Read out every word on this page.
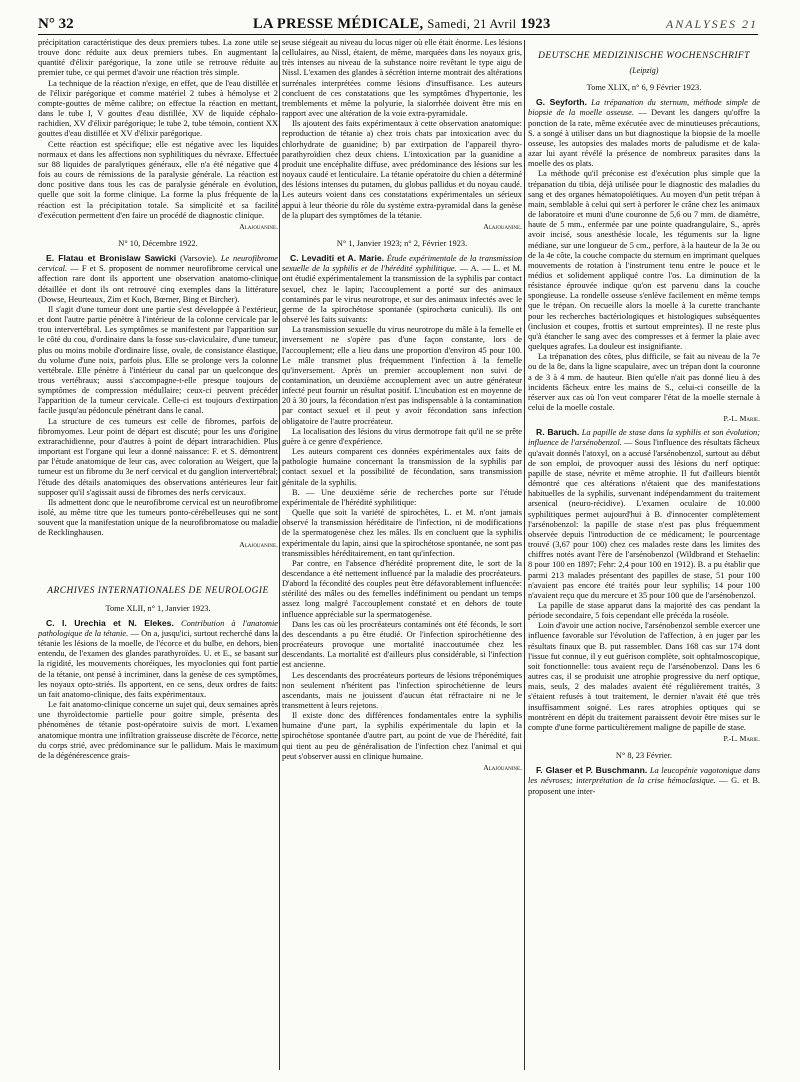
N° 32	LA PRESSE MÉDICALE, Samedi, 21 Avril 1923	ANALYSES 21

précipitation caractéristique des deux premiers tubes. La zone utile se trouve donc réduite aux deux premiers tubes. En augmentant la quantité d'élixir parégorique, la zone utile se retrouve réduite au premier tube, ce qui permet d'avoir une réaction très simple.

La technique de la réaction n'exige, en effet, que de l'eau distillée et de l'élixir parégorique et comme matériel 2 tubes à hémolyse et 2 compte-gouttes de même calibre; on effectue la réaction en mettant, dans le tube I, V gouttes d'eau distillée, XV de liquide céphalo-rachidien, XV d'élixir parégorique; le tube 2, tube témoin, contient XX gouttes d'eau distillée et XV d'élixir parégorique.

Cette réaction est spécifique; elle est négative avec les liquides normaux et dans les affections non syphilitiques du névraxe. Effectuée sur 88 liquides de paralytiques généraux, elle n'a été négative que 4 fois au cours de rémissions de la paralysie générale. La réaction est donc positive dans tous les cas de paralysie générale en évolution, quelle que soit la forme clinique. La forme la plus fréquente de la réaction est la précipitation totale. Sa simplicité et sa facilité d'exécution permettent d'en faire un procédé de diagnostic clinique.

Alajouanine.
N° 10, Décembre 1922.

E. Flatau et Bronislaw Sawicki (Varsovie). Le neurofibrome cervical. — F et S. proposent de nommer neurofibrome cervical une affection rare dont ils apportent une observation anatomo-clinique détaillée et dont ils ont retrouvé cinq exemples dans la littérature (Dowse, Heurteaux, Zim et Koch, Bœrner, Bing et Bircher).

Il s'agit d'une tumeur dont une partie s'est développée à l'extérieur, et dont l'autre partie pénètre à l'intérieur de la colonne cervicale par le trou intervertébral. Les symptômes se manifestent par l'apparition sur le côté du cou, d'ordinaire dans la fosse sus-claviculaire, d'une tumeur, plus ou moins mobile d'ordinaire lisse, ovale, de consistance élastique, du volume d'une noix, parfois plus. Elle se prolonge vers la colonne vertébrale. Elle pénètre à l'intérieur du canal par un quelconque des trous vertébraux; aussi s'accompagne-t-elle presque toujours de symptômes de compression médullaire; ceux-ci peuvent précéder l'apparition de la tumeur cervicale. Celle-ci est toujours d'extirpation facile jusqu'au pédoncule pénétrant dans le canal.

La structure de ces tumeurs est celle de fibromes, parfois de fibromyomes. Leur point de départ est discuté; pour les uns d'origine extrarachidienne, pour d'autres à point de départ intrarachidien. Plus important est l'organe qui leur a donné naissance: F. et S. démontrent par l'étude anatomique de leur cas, avec coloration au Weigert, que la tumeur est un fibrome du 3e nerf cervical et du ganglion intervertébral; l'étude des détails anatomiques des observations antérieures leur fait supposer qu'il s'agissait aussi de fibromes des nerfs cervicaux.

Ils admettent donc que le neurofibrome cervical est un neurofibrome isolé, au même titre que les tumeurs ponto-cérébelleuses qui ne sont souvent que la manifestation unique de la neurofibromatose ou maladie de Recklinghausen.

Alajouanine.
ARCHIVES INTERNATIONALES DE NEUROLOGIE
Tome XLII, n° 1, Janvier 1923.

C. I. Urechia et N. Elekes. Contribution à l'anatomie pathologique de la tétanie. — On a, jusqu'ici, surtout recherché dans la tétanie les lésions de la moelle, de l'écorce et du bulbe, en dehors, bien entendu, de l'examen des glandes parathyroïdes. U. et E., se basant sur la rigidité, les mouvements choréiques, les myoclonies qui font partie de la tétanie, ont pensé à incriminer, dans la genèse de ces symptômes, les noyaux opto-striés. Ils apportent, en ce sens, deux ordres de faits: un fait anatomo-clinique, des faits expérimentaux.

Le fait anatomo-clinique concerne un sujet qui, deux semaines après une thyroïdectomie partielle pour goitre simple, présenta des phénomènes de tétanie post-opératoire suivis de mort. L'examen anatomique montra une infiltration graisseuse discrète de l'écorce, nette du corps strié, avec prédominance sur le pallidum. Mais le maximum de la dégénérescence grais-

seuse siégeait au niveau du locus niger où elle était énorme. Les lésions cellulaires, au Nissl, étaient, de même, marquées dans les noyaux gris, très intenses au niveau de la substance noire revêtant le type aigu de Nissl. L'examen des glandes à sécrétion interne montrait des altérations surrénales interprétées comme lésions d'insuffisance. Les auteurs concluent de ces constatations que les symptômes d'hypertonie, les tremblements et même la polyurie, la sialorrhée doivent être mis en rapport avec une altération de la voie extra-pyramidale.

Ils ajoutent des faits expérimentaux à cette observation anatomique: reproduction de tétanie a) chez trois chats par intoxication avec du chlorhydrate de guanidine; b) par extirpation de l'appareil thyro-parathyroïdien chez deux chiens. L'intoxication par la guanidine a produit une encéphalite diffuse, avec prédominance des lésions sur les noyaux caudé et lenticulaire. La tétanie opératoire du chien a déterminé des lésions intenses du putamen, du globus pallidus et du noyau caudé. Les auteurs voient dans ces constatations expérimentales un sérieux appui à leur théorie du rôle du système extra-pyramidal dans la genèse de la plupart des symptômes de la tétanie.

Alajouanine.
N° 1, Janvier 1923; n° 2, Février 1923.

C. Levaditi et A. Marie. Étude expérimentale de la transmission sexuelle de la syphilis et de l'hérédité syphilitique. — A. — L. et M. ont étudié expérimentalement la transmission de la syphilis par contact sexuel, chez le lapin; l'accouplement a porté sur des animaux contaminés par le virus neurotrope, et sur des animaux infectés avec le germe de la spirochétose spontanée (spirochœta cuniculi). Ils ont observé les faits suivants:

La transmission sexuelle du virus neurotrope du mâle à la femelle et inversement ne s'opère pas d'une façon constante, lors de l'accouplement; elle a lieu dans une proportion d'environ 45 pour 100. Le mâle transmet plus fréquemment l'infection à la femelle qu'inversement. Après un premier accouplement non suivi de contamination, un deuxième accouplement avec un autre générateur infecté peut fournir un résultat positif. L'incubation est en moyenne de 20 à 30 jours, la fécondation n'est pas indispensable à la contamination par contact sexuel et il peut y avoir fécondation sans infection obligatoire de l'autre procréateur.

La localisation des lésions du virus dermotrope fait qu'il ne se prête guère à ce genre d'expérience.

Les auteurs comparent ces données expérimentales aux faits de pathologie humaine concernant la transmission de la syphilis par contact sexuel et la possibilité de fécondation, sans transmission génitale de la syphilis.

B. — Une deuxième série de recherches porte sur l'étude expérimentale de l'hérédité syphilitique:

Quelle que soit la variété de spirochètes, L. et M. n'ont jamais observé la transmission héréditaire de l'infection, ni de modifications de la spermatogenèse chez les mâles. Ils en concluent que la syphilis expérimentale du lapin, ainsi que la spirochétose spontanée, ne sont pas transmissibles héréditairement, en tant qu'infection.

Par contre, en l'absence d'hérédité proprement dite, le sort de la descendance a été nettement influencé par la maladie des procréateurs. D'abord la fécondité des couples peut être défavorablement influencée: stérilité des mâles ou des femelles indéfiniment ou pendant un temps assez long malgré l'accouplement constaté et en dehors de toute influence appréciable sur la spermatogenèse.

Dans les cas où les procréateurs contaminés ont été féconds, le sort des descendants a pu être étudié. Or l'infection spirochétienne des procréateurs provoque une mortalité inaccoutumée chez les descendants. La mortalité est d'ailleurs plus considérable, si l'infection est ancienne.

Les descendants des procréateurs porteurs de lésions tréponémiques non seulement n'héritent pas l'infection spirochétienne de leurs ascendants, mais ne jouissent d'aucun état réfractaire ni ne le transmettent à leurs rejetons.

Il existe donc des différences fondamentales entre la syphilis humaine d'une part, la syphilis expérimentale du lapin et la spirochétose spontanée d'autre part, au point de vue de l'hérédité, fait qui tient au peu de généralisation de l'infection chez l'animal et qui peut s'observer aussi en clinique humaine.

Alajouanine.
DEUTSCHE MEDIZINISCHE WOCHENSCHRIFT
(Leipzig)
Tome XLIX, n° 6, 9 Février 1923.

G. Seyforth. La trépanation du sternum, méthode simple de biopsie de la moelle osseuse. — Devant les dangers qu'offre la ponction de la rate, même exécutée avec de minutieuses précautions, S. a songé à utiliser dans un but diagnostique la biopsie de la moelle osseuse, les autopsies des malades morts de paludisme et de kala-azar lui ayant révélé la présence de nombreux parasites dans la moelle des os plats.

La méthode qu'il préconise est d'exécution plus simple que la trépanation du tibia, déjà utilisée pour le diagnostic des maladies du sang et des organes hématopoïétiques. Au moyen d'un petit trépan à main, semblable à celui qui sert à perforer le crâne chez les animaux de laboratoire et muni d'une couronne de 5,6 ou 7 mm. de diamètre, haute de 5 mm., enfermée par une pointe quadrangulaire, S., après avoir incisé, sous anesthésie locale, les téguments sur la ligne médiane, sur une longueur de 5 cm., perfore, à la hauteur de la 3e ou de la 4e côte, la couche compacte du sternum en imprimant quelques mouvements de rotation à l'instrument tenu entre le pouce et le médius et solidement appliqué contre l'os. La diminution de la résistance éprouvée indique qu'on est parvenu dans la couche spongieuse. La rondelle osseuse s'enlève facilement en même temps que le trépan. On recueille alors la moelle à la curette tranchante pour les recherches bactériologiques et histologiques subséquentes (inclusion et coupes, frottis et surtout empreintes). Il ne reste plus qu'à étancher le sang avec des compresses et à fermer la plaie avec quelques agrafes. La douleur est insignifiante.

La trépanation des côtes, plus difficile, se fait au niveau de la 7e ou de la 8e, dans la ligne scapulaire, avec un trépan dont la couronne a de 3 à 4 mm. de hauteur. Bien qu'elle n'ait pas donné lieu à des incidents fâcheux entre les mains de S., celui-ci conseille de la réserver aux cas où l'on veut comparer l'état de la moelle sternale à celui de la moelle costale.

P.-L. Marie.

R. Baruch. La papille de stase dans la syphilis et son évolution; influence de l'arsénobenzol. — Sous l'influence des résultats fâcheux qu'avait donnés l'atoxyl, on a accusé l'arsénobenzol, surtout au début de son emploi, de provoquer aussi des lésions du nerf optique: papille de stase, névrite et même atrophie. Il fut d'ailleurs bientôt démontré que ces altérations n'étaient que des manifestations habituelles de la syphilis, survenant indépendamment du traitement arsenical (neuro-récidive). L'examen oculaire de 10.000 syphilitiques permet aujourd'hui à B. d'innocenter complètement l'arsénobenzol: la papille de stase n'est pas plus fréquemment observée depuis l'introduction de ce médicament; le pourcentage trouvé (3,67 pour 100) chez ces malades reste dans les limites des chiffres notés avant l'ère de l'arsénobenzol (Wildbrand et Stehaelin: 8 pour 100 en 1897; Fehr: 2,4 pour 100 en 1912). B. a pu établir que parmi 213 malades présentant des papilles de stase, 51 pour 100 n'avaient pas encore été traités pour leur syphilis; 14 pour 100 n'avaient reçu que du mercure et 35 pour 100 que de l'arsénobenzol.

La papille de stase apparut dans la majorité des cas pendant la période secondaire, 5 fois cependant elle précéda la roséole.

Loin d'avoir une action nocive, l'arsénobenzol semble exercer une influence favorable sur l'évolution de l'affection, à en juger par les résultats finaux que B. put rassembler. Dans 168 cas sur 174 dont l'issue fut connue, il y eut guérison complète, soit ophtalmoscopique, soit fonctionnelle: tous avaient reçu de l'arsénobenzol. Dans les 6 autres cas, il se produisit une atrophie progressive du nerf optique, mais, seuls, 2 des malades avaient été régulièrement traités, 3 s'étaient refusés à tout traitement, le dernier n'avait été que très insuffisamment soigné. Les rares atrophies optiques qui se montrèrent en dépit du traitement paraissent devoir être mises sur le compte d'une forme particulièrement maligne de papille de stase.

P.-L. Marie.
N° 8, 23 Février.

F. Glaser et P. Buschmann. La leucopénie vagotonique dans les névroses; interprétation de la crise hémoclasique. — G. et B. proposent une inter-
